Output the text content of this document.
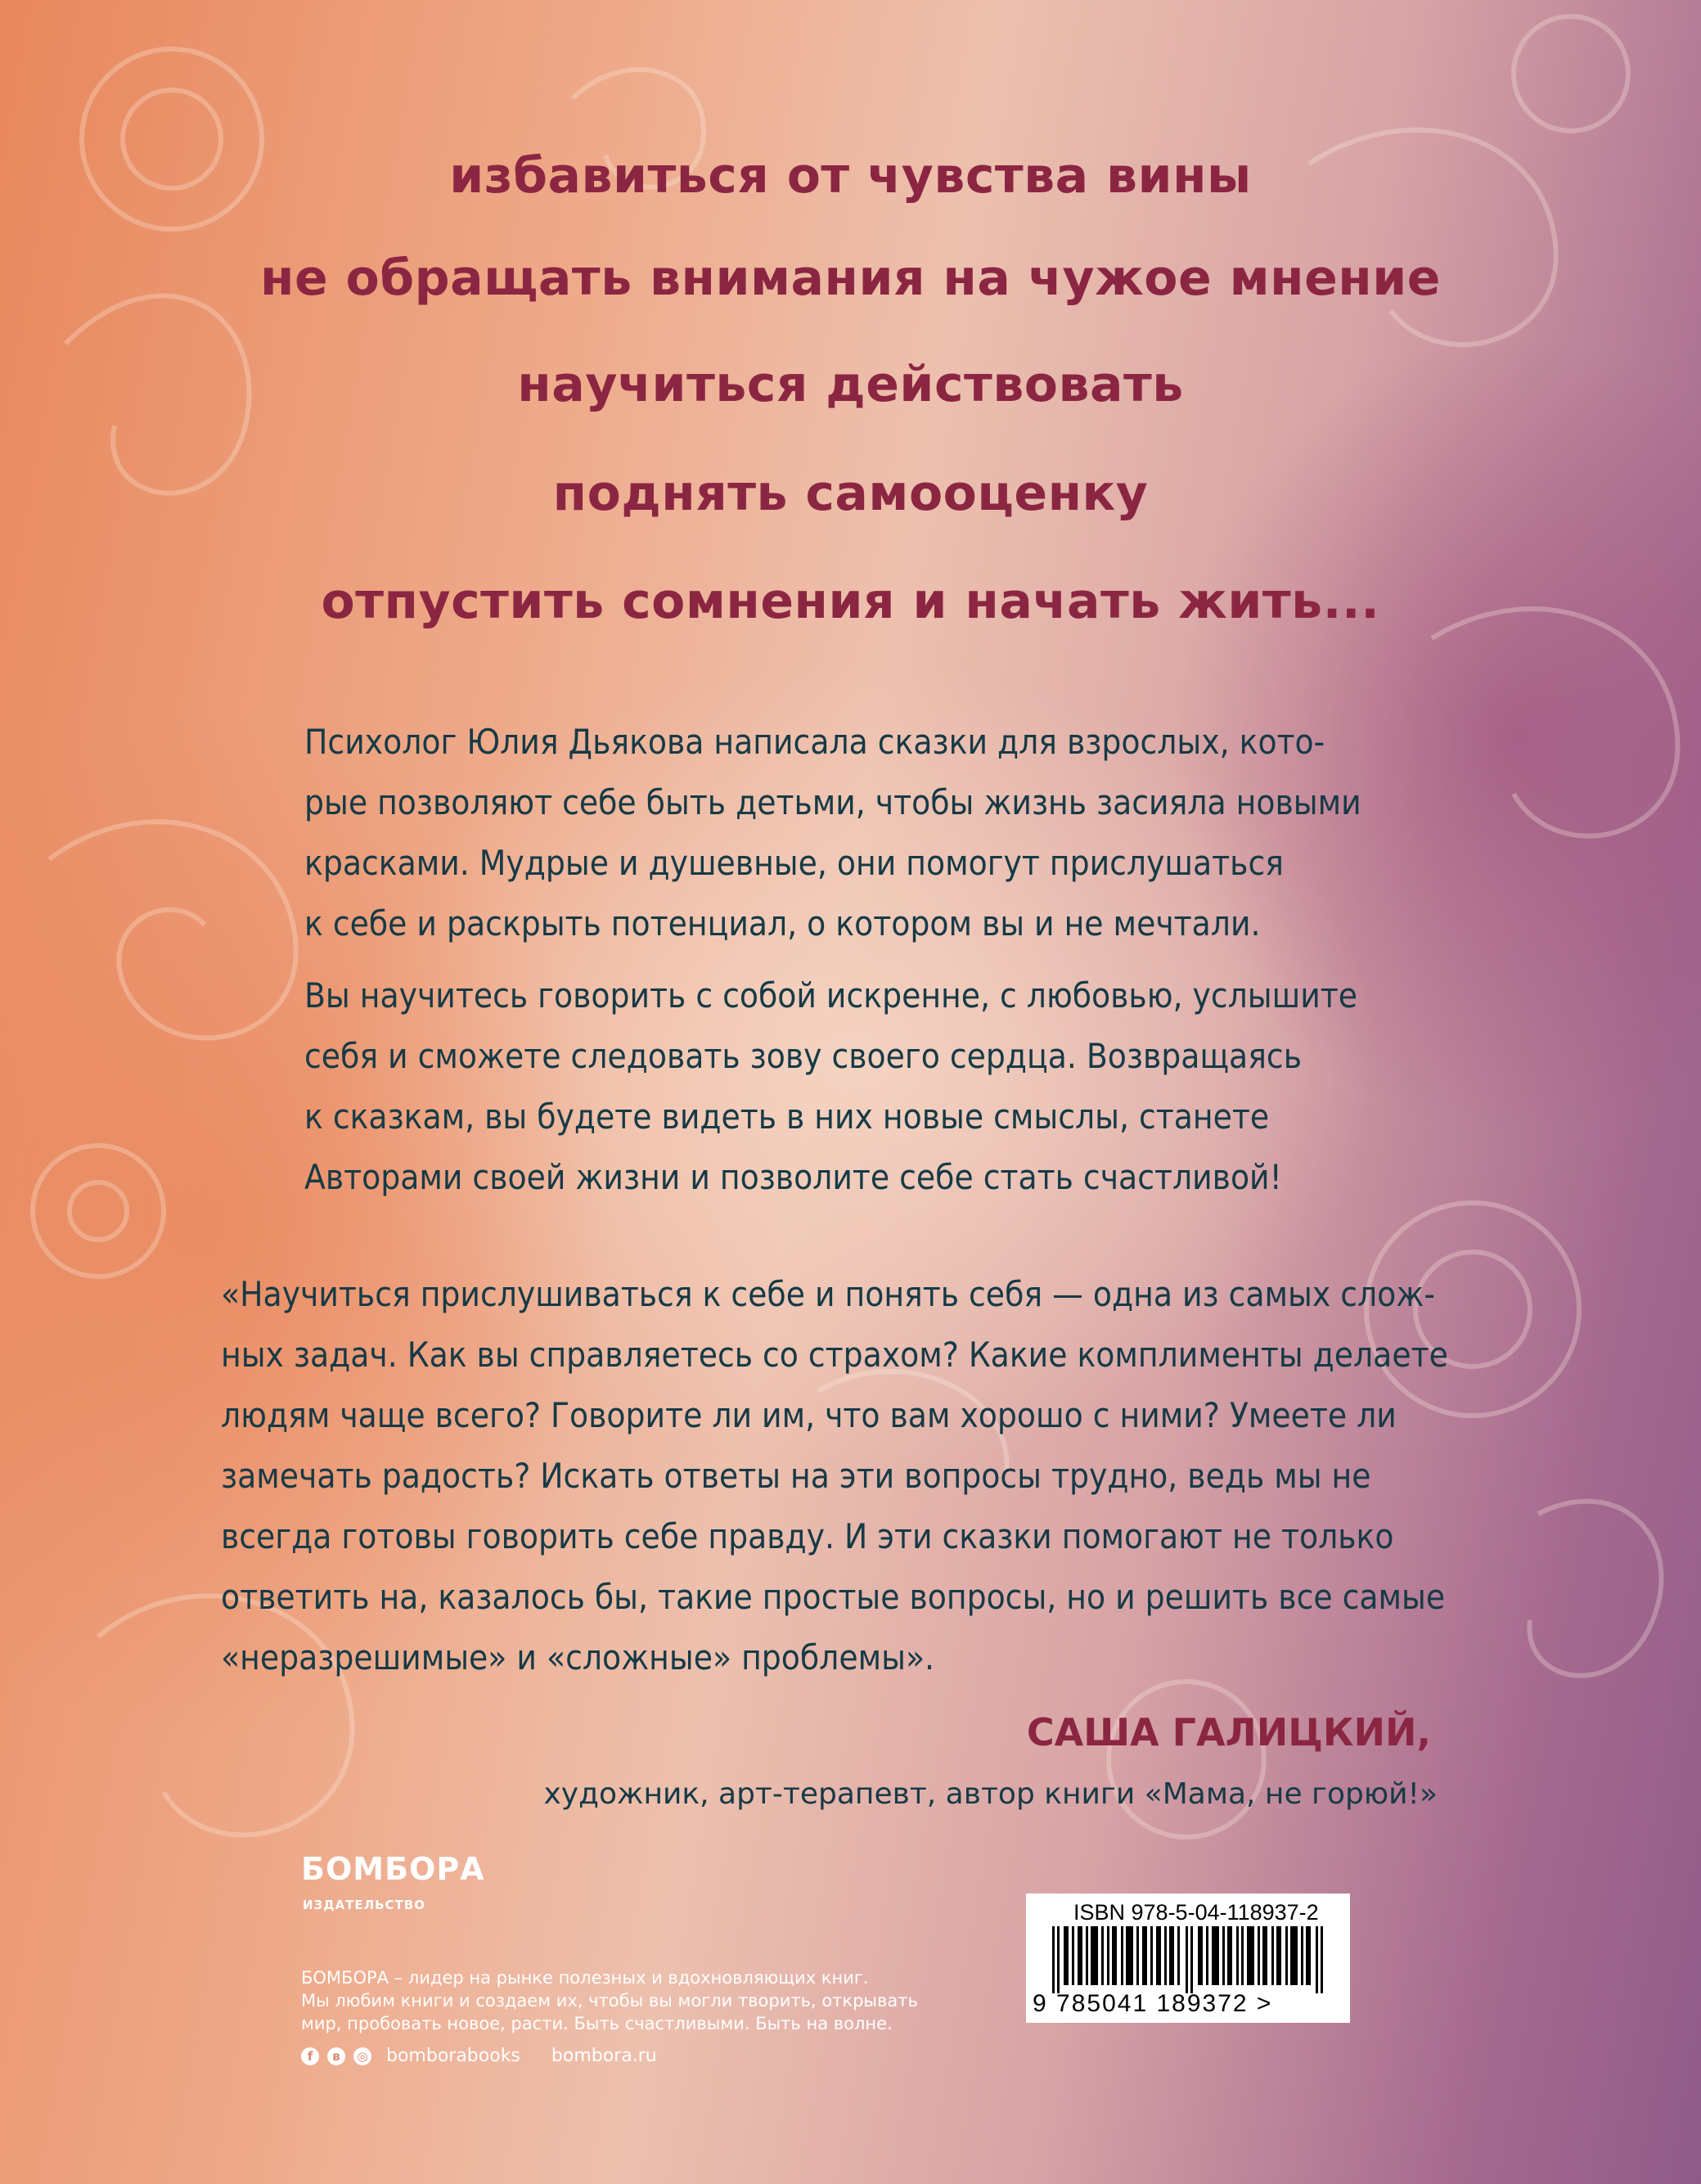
избавиться от чувства вины
не обращать внимания на чужое мнение
научиться действовать
поднять самооценку
отпустить сомнения и начать жить...
Психолог Юлия Дьякова написала сказки для взрослых, кото-
рые позволяют себе быть детьми, чтобы жизнь засияла новыми
красками. Мудрые и душевные, они помогут прислушаться
к себе и раскрыть потенциал, о котором вы и не мечтали.
Вы научитесь говорить с собой искренне, с любовью, услышите
себя и сможете следовать зову своего сердца. Возвращаясь
к сказкам, вы будете видеть в них новые смыслы, станете
Авторами своей жизни и позволите себе стать счастливой!
«Научиться прислушиваться к себе и понять себя — одна из самых слож-
ных задач. Как вы справляетесь со страхом? Какие комплименты делаете
людям чаще всего? Говорите ли им, что вам хорошо с ними? Умеете ли
замечать радость? Искать ответы на эти вопросы трудно, ведь мы не
всегда готовы говорить себе правду. И эти сказки помогают не только
ответить на, казалось бы, такие простые вопросы, но и решить все самые
«неразрешимые» и «сложные» проблемы».
САША ГАЛИЦКИЙ,
художник, арт-терапевт, автор книги «Мама, не горюй!»
БОМБОРА
ИЗДАТЕЛЬСТВО
БОМБОРА – лидер на рынке полезных и вдохновляющих книг.
Мы любим книги и создаем их, чтобы вы могли творить, открывать
мир, пробовать новое, расти. Быть счастливыми. Быть на волне.
f	в	◎ bomborabooks bombora.ru
ISBN 978-5-04-118937-2
9 785041 189372 >
